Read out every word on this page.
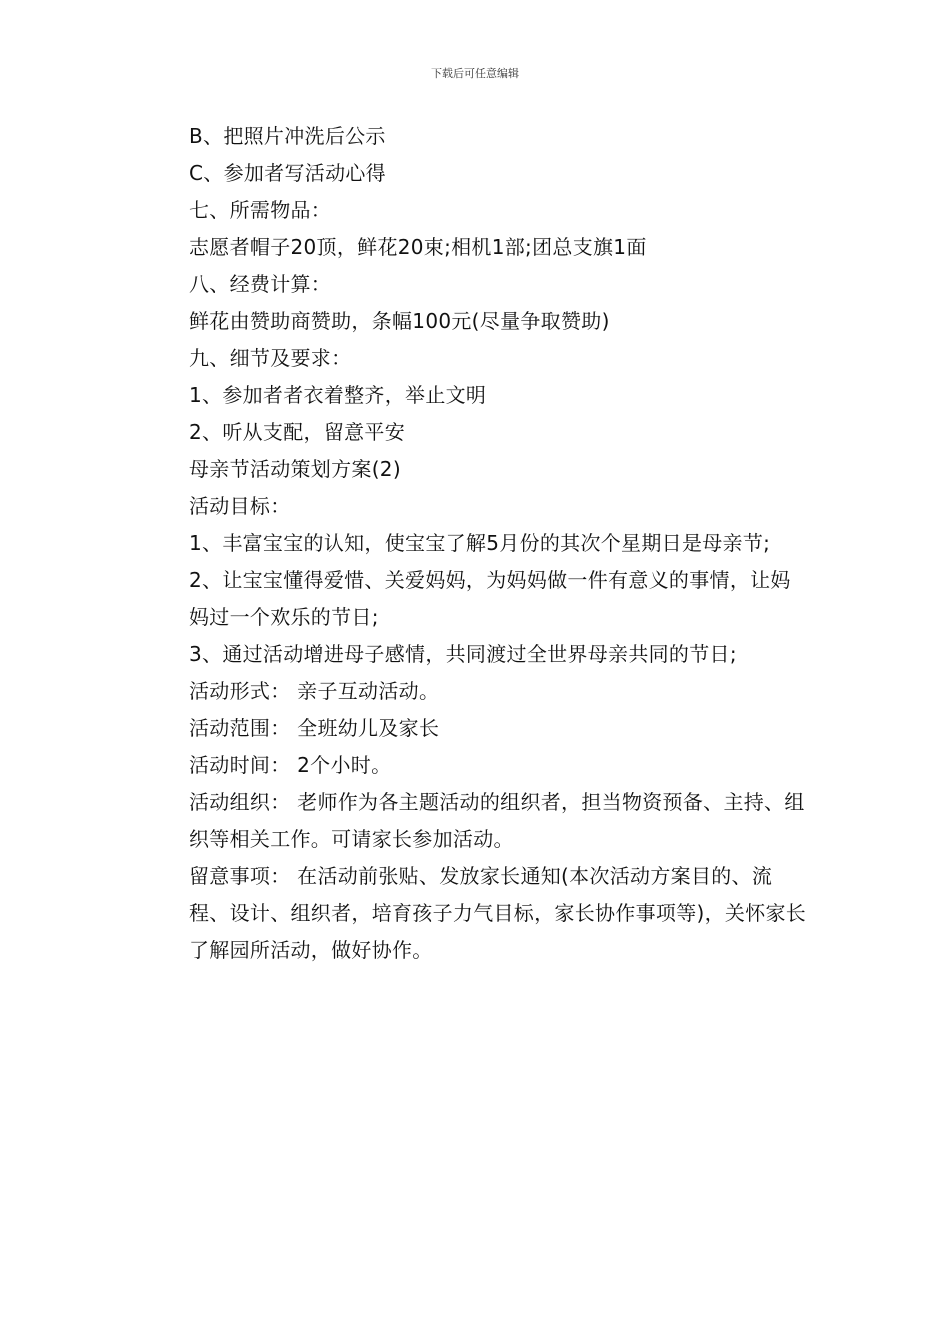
下载后可任意编辑

B、把照片冲洗后公示

C、参加者写活动心得

七、所需物品：

志愿者帽子20顶，鲜花20束;相机1部;团总支旗1面

八、经费计算：

鲜花由赞助商赞助，条幅100元(尽量争取赞助)

九、细节及要求：

1、参加者者衣着整齐，举止文明

2、听从支配，留意平安

母亲节活动策划方案(2)

活动目标：

1、丰富宝宝的认知，使宝宝了解5月份的其次个星期日是母亲节;

2、让宝宝懂得爱惜、关爱妈妈，为妈妈做一件有意义的事情，让妈妈过一个欢乐的节日;

3、通过活动增进母子感情，共同渡过全世界母亲共同的节日;

活动形式： 亲子互动活动。

活动范围： 全班幼儿及家长

活动时间： 2个小时。

活动组织： 老师作为各主题活动的组织者，担当物资预备、主持、组织等相关工作。可请家长参加活动。

留意事项： 在活动前张贴、发放家长通知(本次活动方案目的、流程、设计、组织者，培育孩子力气目标，家长协作事项等)，关怀家长了解园所活动，做好协作。
